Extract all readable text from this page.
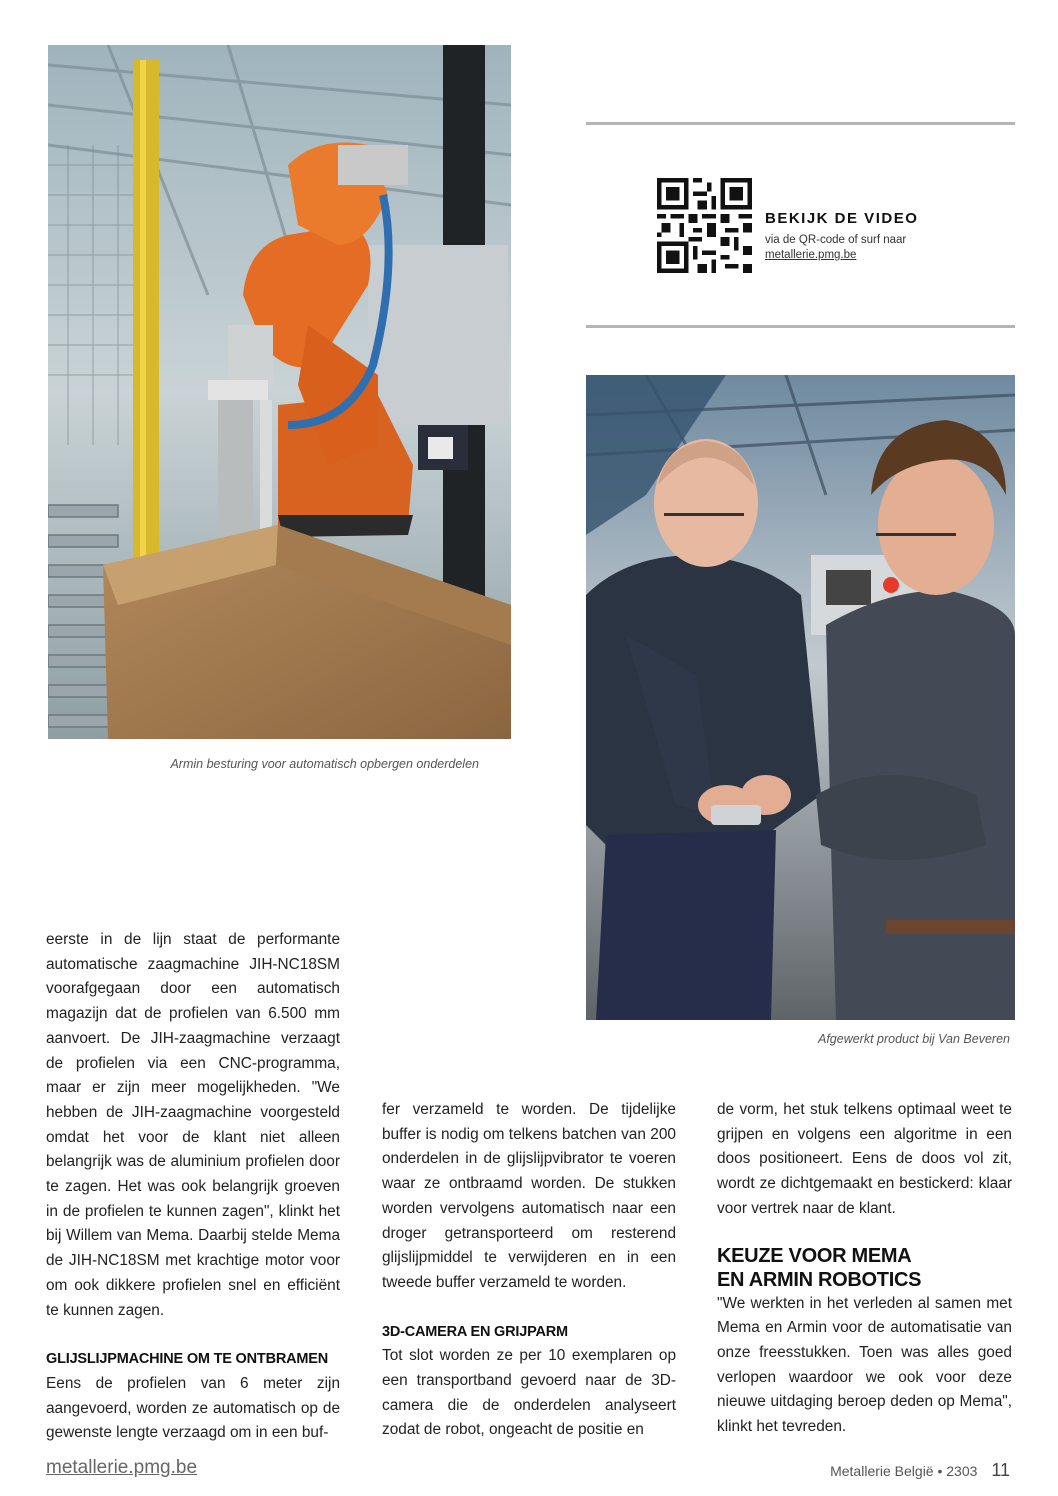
Armin besturing voor automatisch opbergen onderdelen
BEKIJK DE VIDEO
via de QR-code of surf naar
metallerie.pmg.be
Afgewerkt product bij Van Beveren

eerste in de lijn staat de performante automatische zaagmachine JIH-NC18SM voorafgegaan door een automatisch magazijn dat de profielen van 6.500 mm aanvoert. De JIH-zaagmachine verzaagt de profielen via een CNC-programma, maar er zijn meer mogelijkheden. "We hebben de JIH-zaagmachine voorgesteld omdat het voor de klant niet alleen belangrijk was de aluminium profielen door te zagen. Het was ook belangrijk groeven in de profielen te kunnen zagen", klinkt het bij Willem van Mema. Daarbij stelde Mema de JIH-NC18SM met krachtige motor voor om ook dikkere profielen snel en efficiënt te kunnen zagen.

GLIJSLIJPMACHINE OM TE ONTBRAMEN

Eens de profielen van 6 meter zijn aangevoerd, worden ze automatisch op de gewenste lengte verzaagd om in een buf-

fer verzameld te worden. De tijdelijke buffer is nodig om telkens batchen van 200 onderdelen in de glijslijpvibrator te voeren waar ze ontbraamd worden. De stukken worden vervolgens automatisch naar een droger getransporteerd om resterend glijslijpmiddel te verwijderen en in een tweede buffer verzameld te worden.

3D-CAMERA EN GRIJPARM

Tot slot worden ze per 10 exemplaren op een transportband gevoerd naar de 3D-camera die de onderdelen analyseert zodat de robot, ongeacht de positie en

de vorm, het stuk telkens optimaal weet te grijpen en volgens een algoritme in een doos positioneert. Eens de doos vol zit, wordt ze dichtgemaakt en bestickerd: klaar voor vertrek naar de klant.

KEUZE VOOR MEMA

EN ARMIN ROBOTICS

"We werkten in het verleden al samen met Mema en Armin voor de automatisatie van onze freesstukken. Toen was alles goed verlopen waardoor we ook voor deze nieuwe uitdaging beroep deden op Mema", klinkt het tevreden.

metallerie.pmg.be	Metallerie België • 2303 11
